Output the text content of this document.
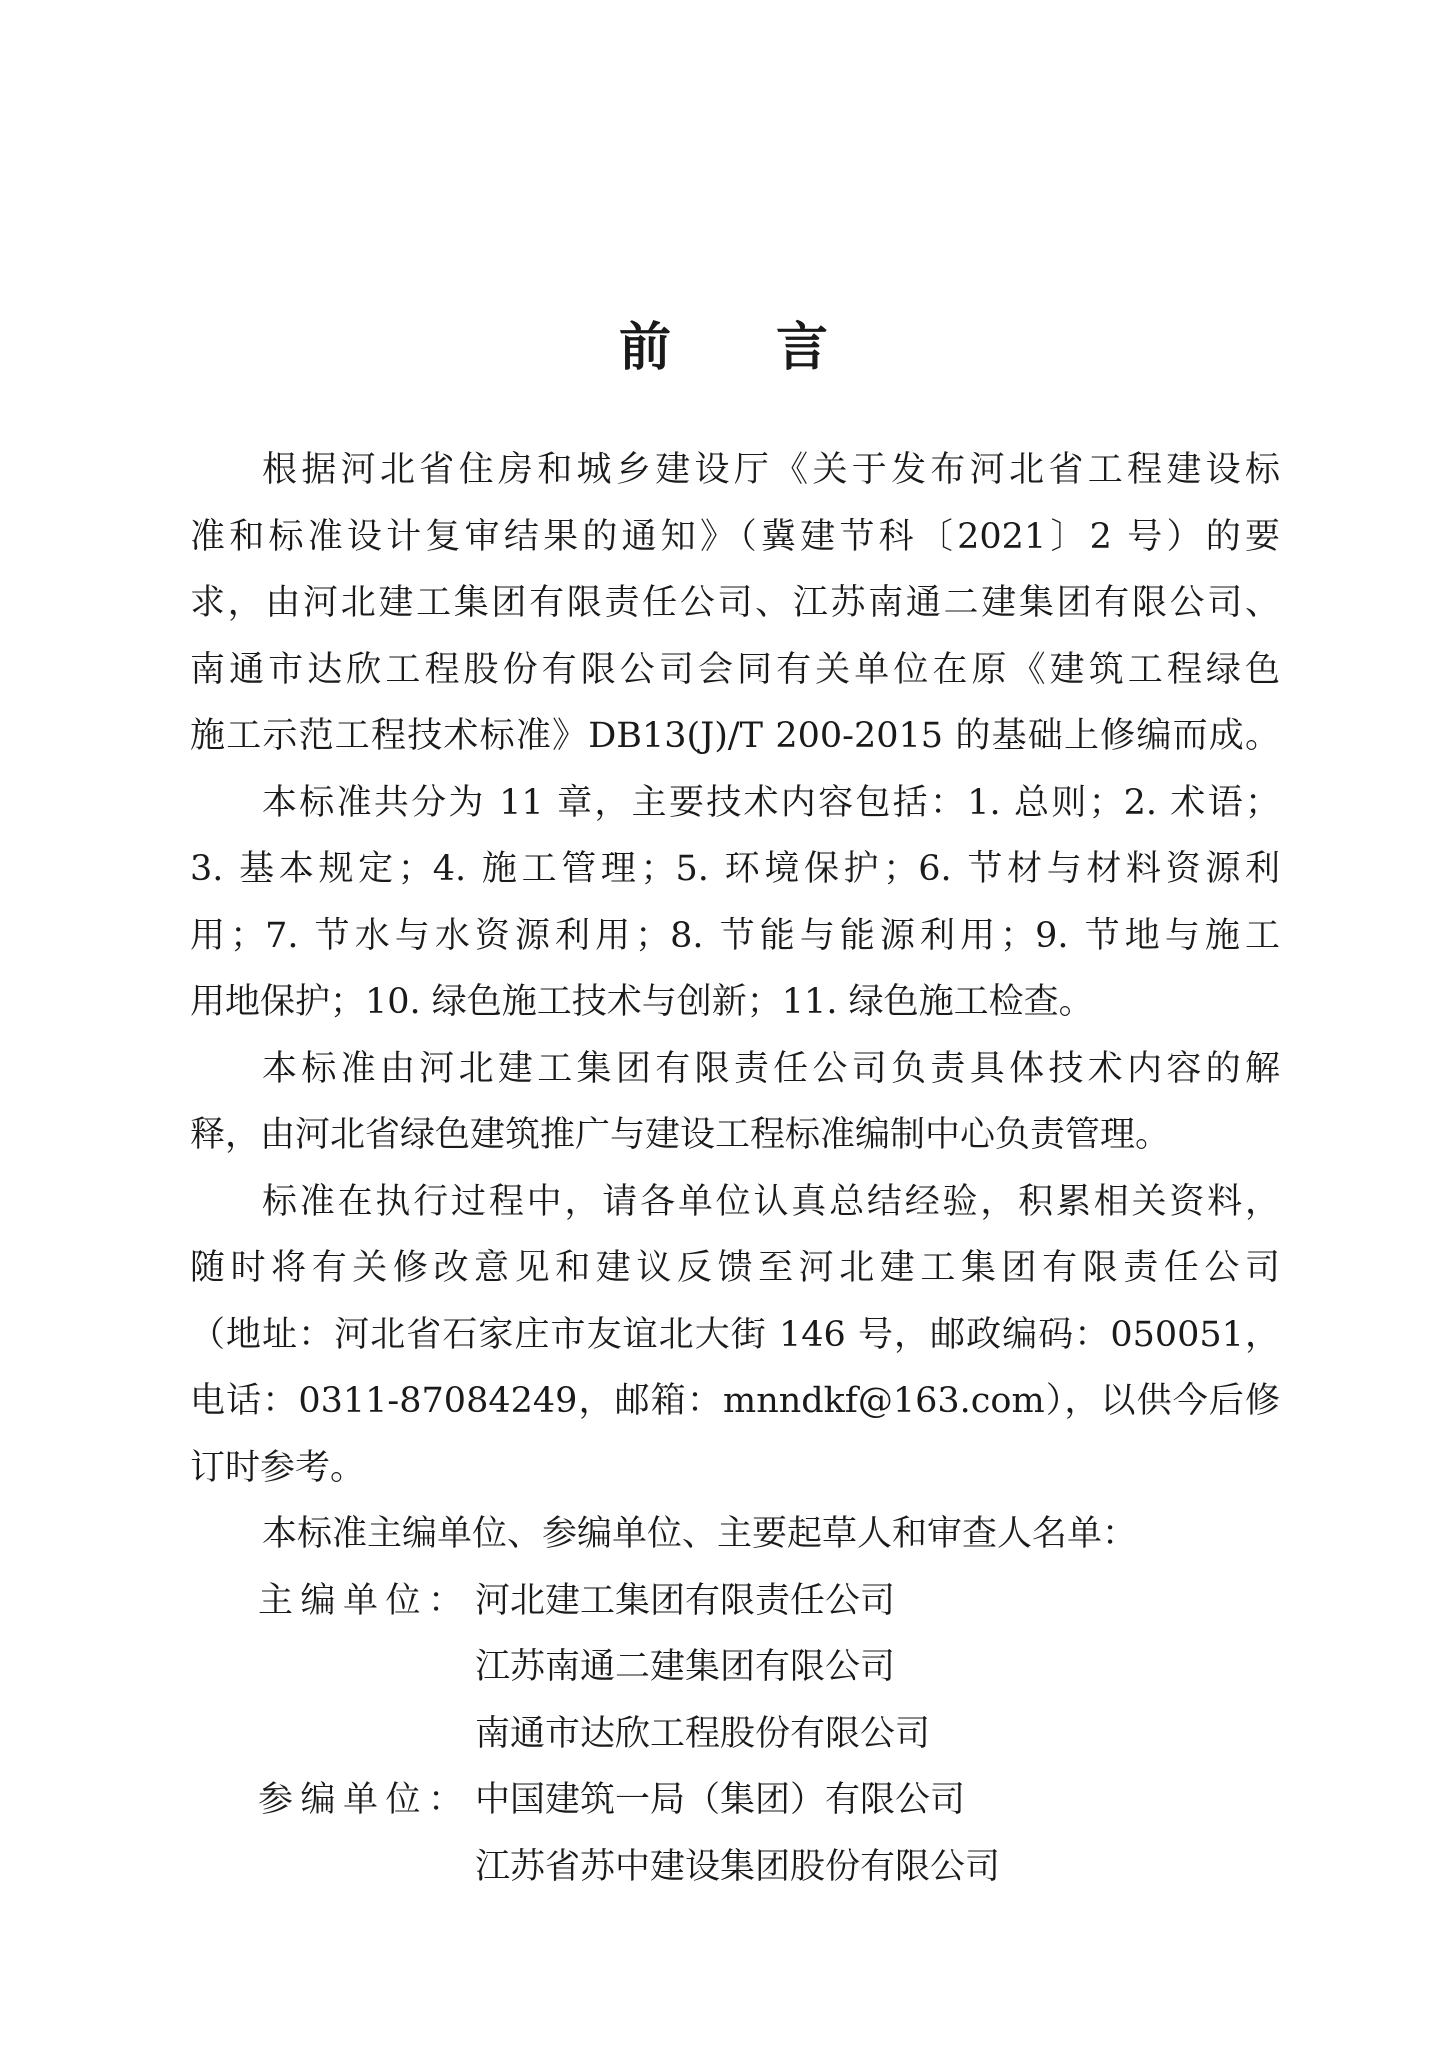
前 言
根据河北省住房和城乡建设厅《关于发布河北省工程建设标
准和标准设计复审结果的通知》（冀建节科〔2021〕2 号）的要
求，由河北建工集团有限责任公司、江苏南通二建集团有限公司、
南通市达欣工程股份有限公司会同有关单位在原《建筑工程绿色
施工示范工程技术标准》DB13(J)/T 200-2015 的基础上修编而成。
本标准共分为 11 章，主要技术内容包括：1. 总则；2. 术语；
3. 基本规定；4. 施工管理；5. 环境保护；6. 节材与材料资源利
用；7. 节水与水资源利用；8. 节能与能源利用；9. 节地与施工
用地保护；10. 绿色施工技术与创新；11. 绿色施工检查。
本标准由河北建工集团有限责任公司负责具体技术内容的解
释，由河北省绿色建筑推广与建设工程标准编制中心负责管理。
标准在执行过程中，请各单位认真总结经验，积累相关资料，
随时将有关修改意见和建议反馈至河北建工集团有限责任公司
（地址：河北省石家庄市友谊北大街 146 号，邮政编码：050051，
电话：0311-87084249，邮箱：mnndkf@163.com），以供今后修
订时参考。
本标准主编单位、参编单位、主要起草人和审查人名单：
主编单位： 河北建工集团有限责任公司
江苏南通二建集团有限公司
南通市达欣工程股份有限公司
参编单位： 中国建筑一局（集团）有限公司
江苏省苏中建设集团股份有限公司
